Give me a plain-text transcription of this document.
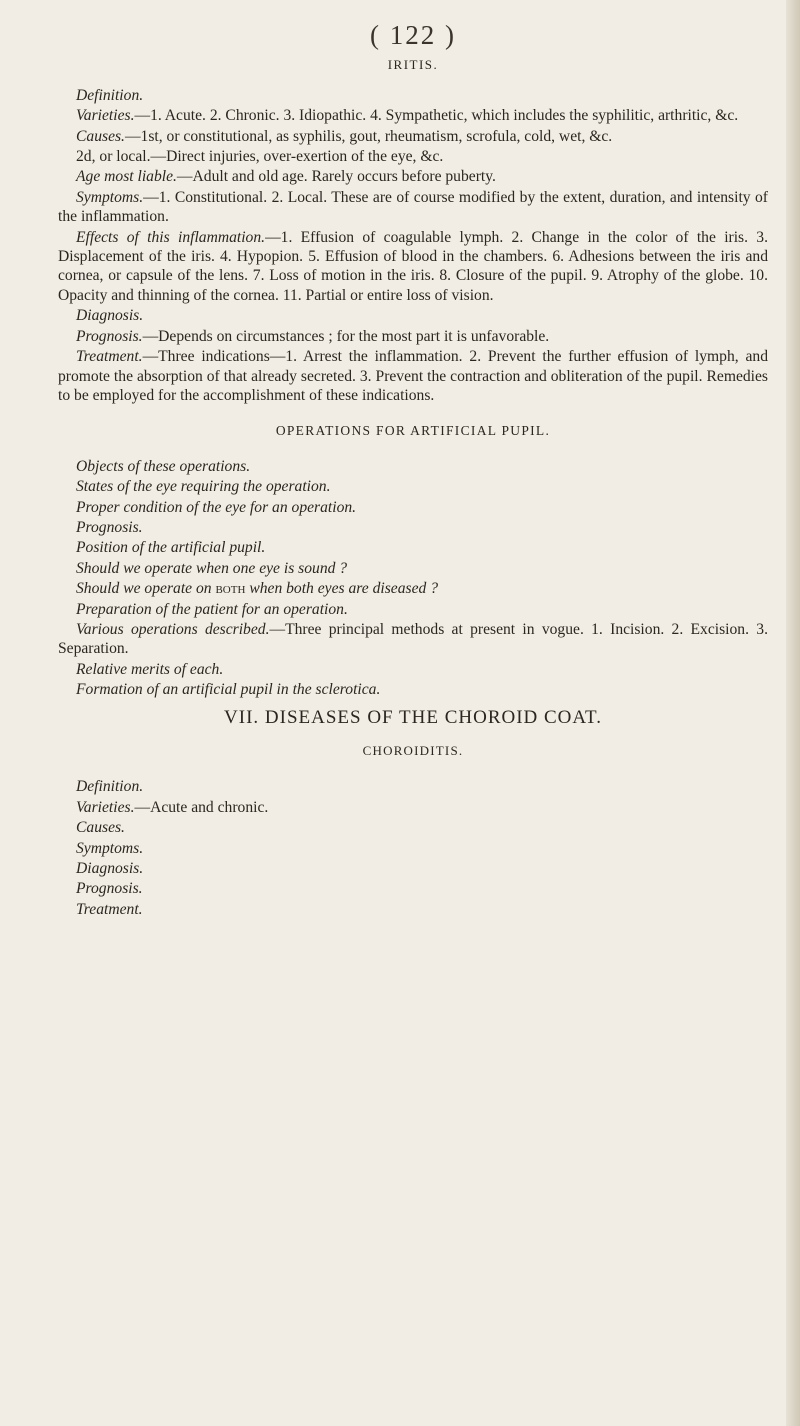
( 122 )
IRITIS.

Definition.

Varieties.—1. Acute. 2. Chronic. 3. Idiopathic. 4. Sympathetic, which includes the syphilitic, arthritic, &c.

Causes.—1st, or constitutional, as syphilis, gout, rheumatism, scrofula, cold, wet, &c.

2d, or local.—Direct injuries, over-exertion of the eye, &c.

Age most liable.—Adult and old age. Rarely occurs before puberty.

Symptoms.—1. Constitutional. 2. Local. These are of course modified by the extent, duration, and intensity of the inflammation.

Effects of this inflammation.—1. Effusion of coagulable lymph. 2. Change in the color of the iris. 3. Displacement of the iris. 4. Hypopion. 5. Effusion of blood in the chambers. 6. Adhesions between the iris and cornea, or capsule of the lens. 7. Loss of motion in the iris. 8. Closure of the pupil. 9. Atrophy of the globe. 10. Opacity and thinning of the cornea. 11. Partial or entire loss of vision.

Diagnosis.

Prognosis.—Depends on circumstances ; for the most part it is unfavorable.

Treatment.—Three indications—1. Arrest the inflammation. 2. Prevent the further effusion of lymph, and promote the absorption of that already secreted. 3. Prevent the contraction and obliteration of the pupil. Remedies to be employed for the accomplishment of these indications.

OPERATIONS FOR ARTIFICIAL PUPIL.

Objects of these operations.

States of the eye requiring the operation.

Proper condition of the eye for an operation.

Prognosis.

Position of the artificial pupil.

Should we operate when one eye is sound ?

Should we operate on both when both eyes are diseased ?

Preparation of the patient for an operation.

Various operations described.—Three principal methods at present in vogue. 1. Incision. 2. Excision. 3. Separation.

Relative merits of each.

Formation of an artificial pupil in the sclerotica.

VII. DISEASES OF THE CHOROID COAT.
CHOROIDITIS.

Definition.

Varieties.—Acute and chronic.

Causes.

Symptoms.

Diagnosis.

Prognosis.

Treatment.
